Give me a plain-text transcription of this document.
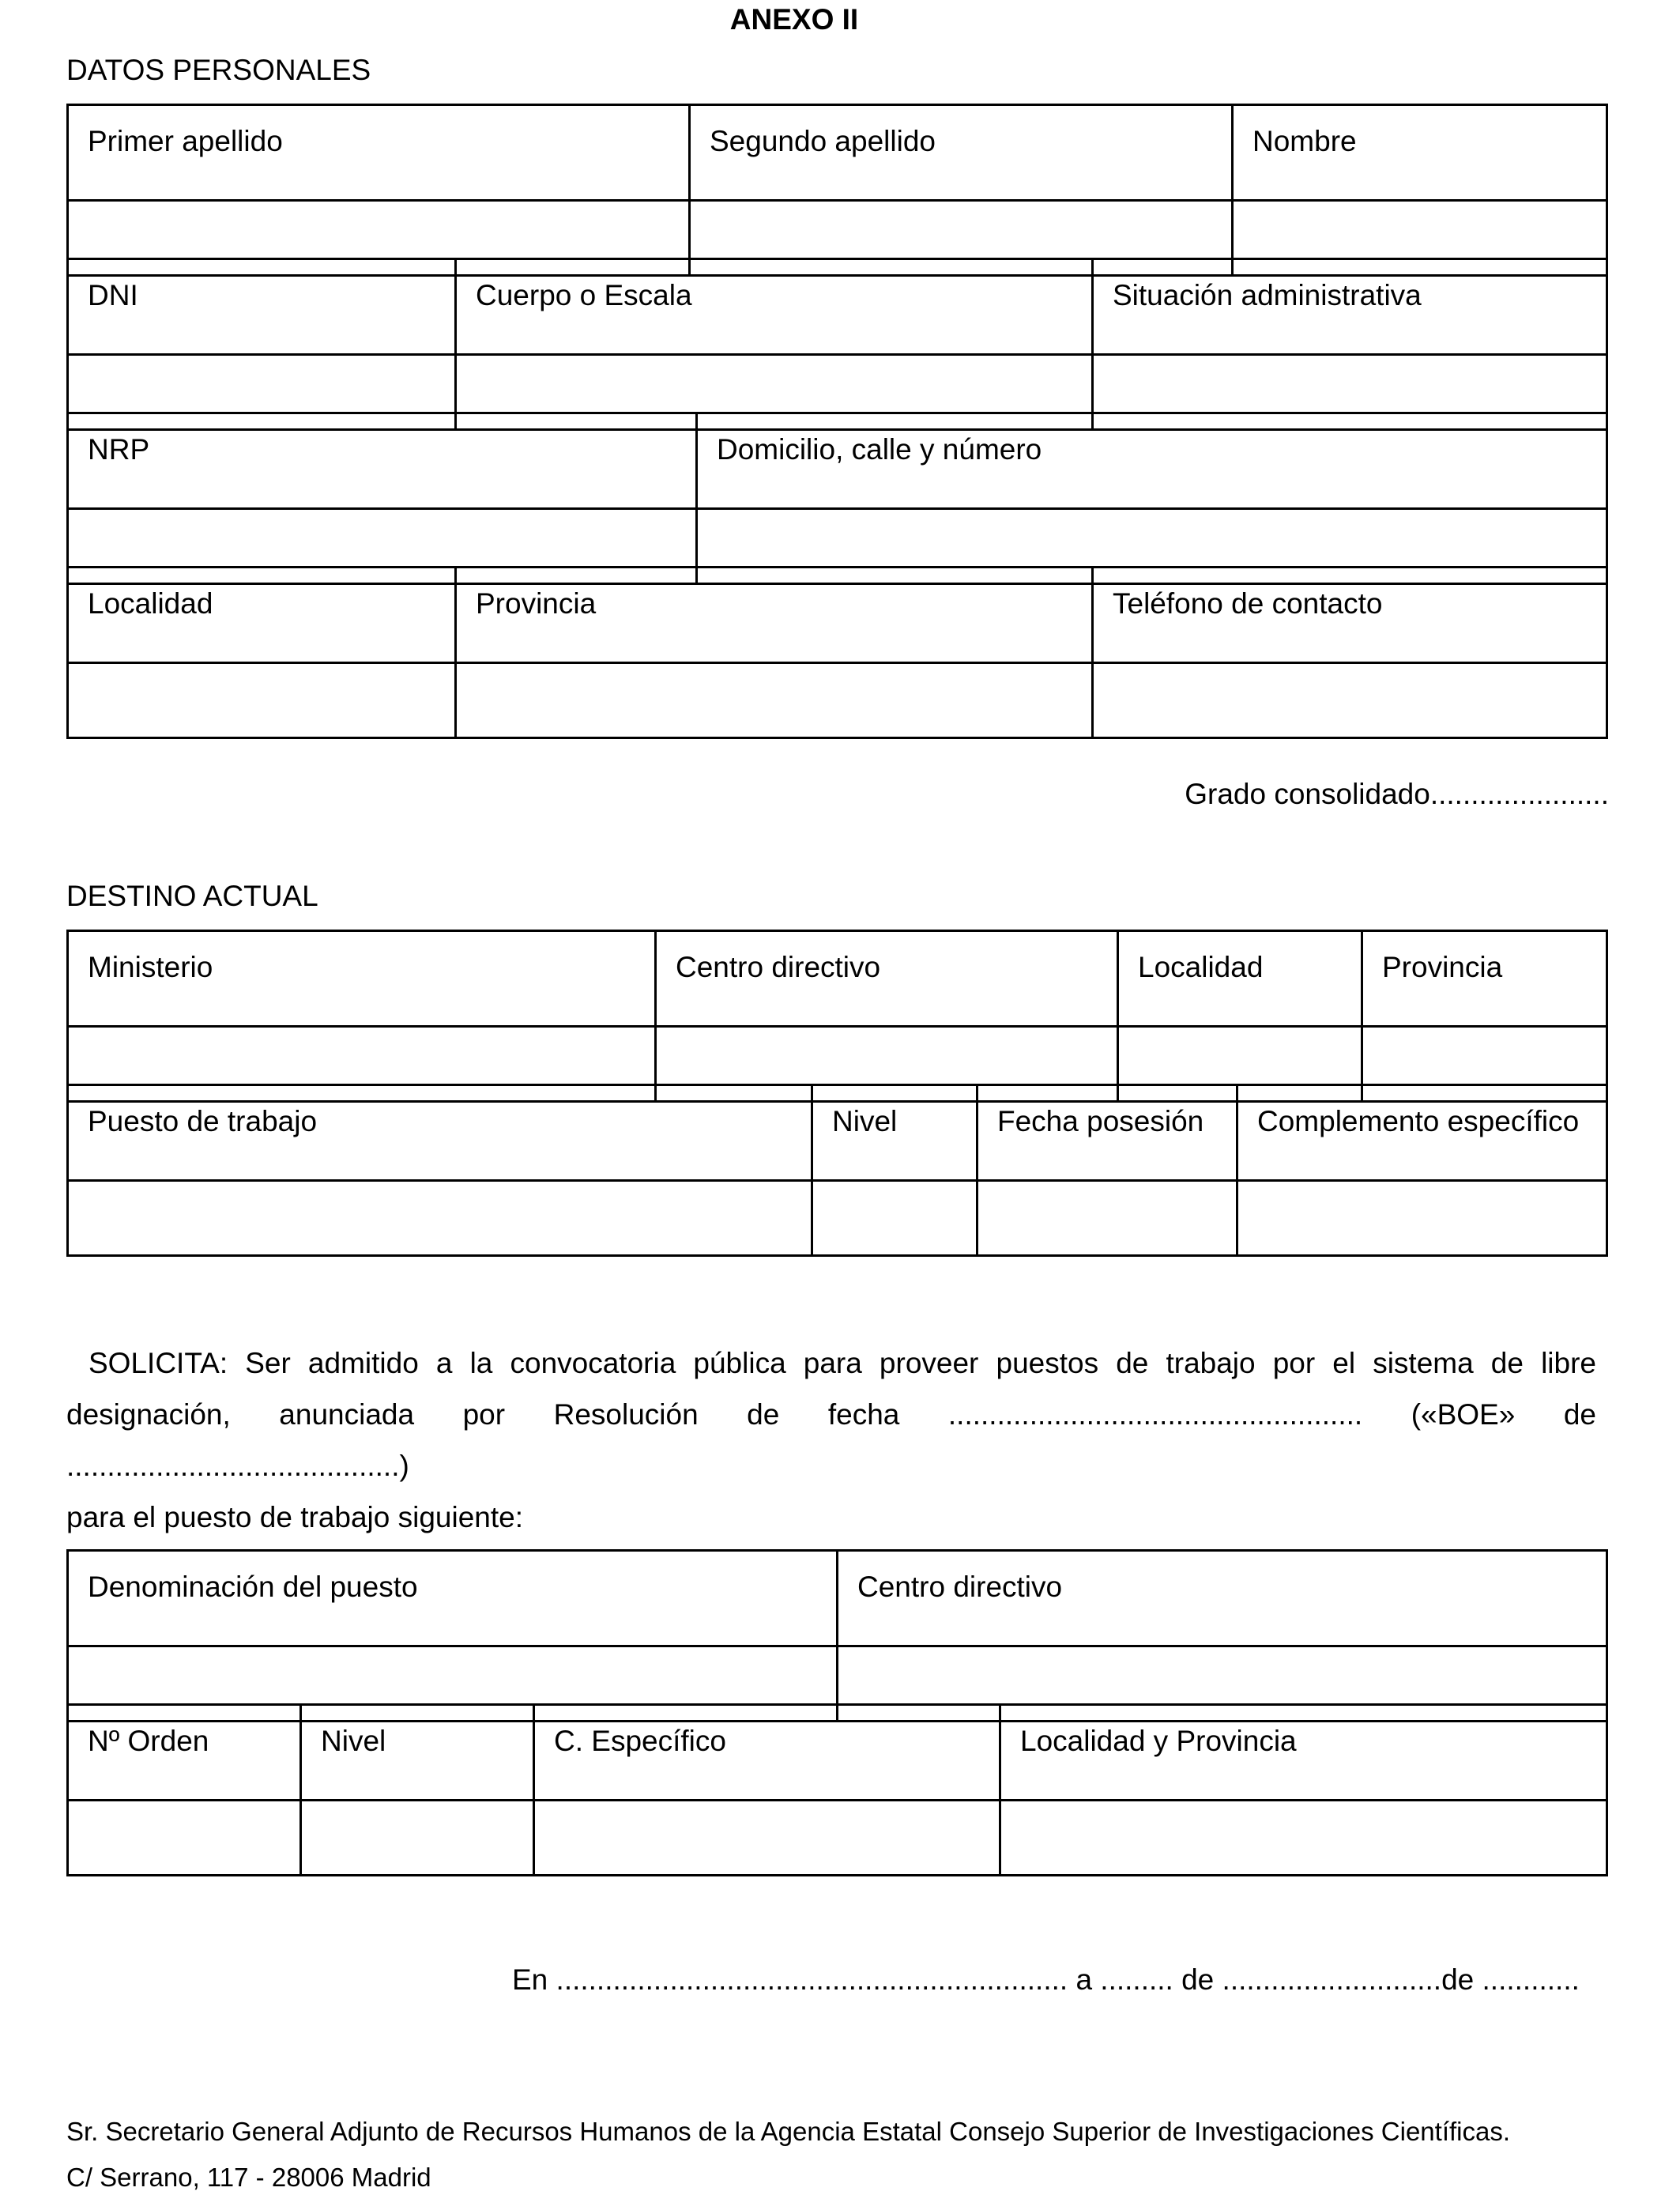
ANEXO II
DATOS PERSONALES
Primer apellido	Segundo apellido	Nombre

DNI	Cuerpo o Escala	Situación administrativa

NRP	Domicilio, calle y número

Localidad	Provincia	Teléfono de contacto

Grado consolidado......................
DESTINO ACTUAL
Ministerio	Centro directivo	Localidad	Provincia

Puesto de trabajo	Nivel	Fecha posesión	Complemento específico

SOLICITA: Ser admitido a la convocatoria pública para proveer puestos de trabajo por el sistema de libre

designación, anunciada por Resolución de fecha ................................................... («BOE» de .........................................)

para el puesto de trabajo siguiente:

Denominación del puesto	Centro directivo

Nº Orden	Nivel	C. Específico	Localidad y Provincia

En ............................................................... a ......... de ...........................de ............
Sr. Secretario General Adjunto de Recursos Humanos de la Agencia Estatal Consejo Superior de Investigaciones Científicas.
C/ Serrano, 117 - 28006 Madrid
